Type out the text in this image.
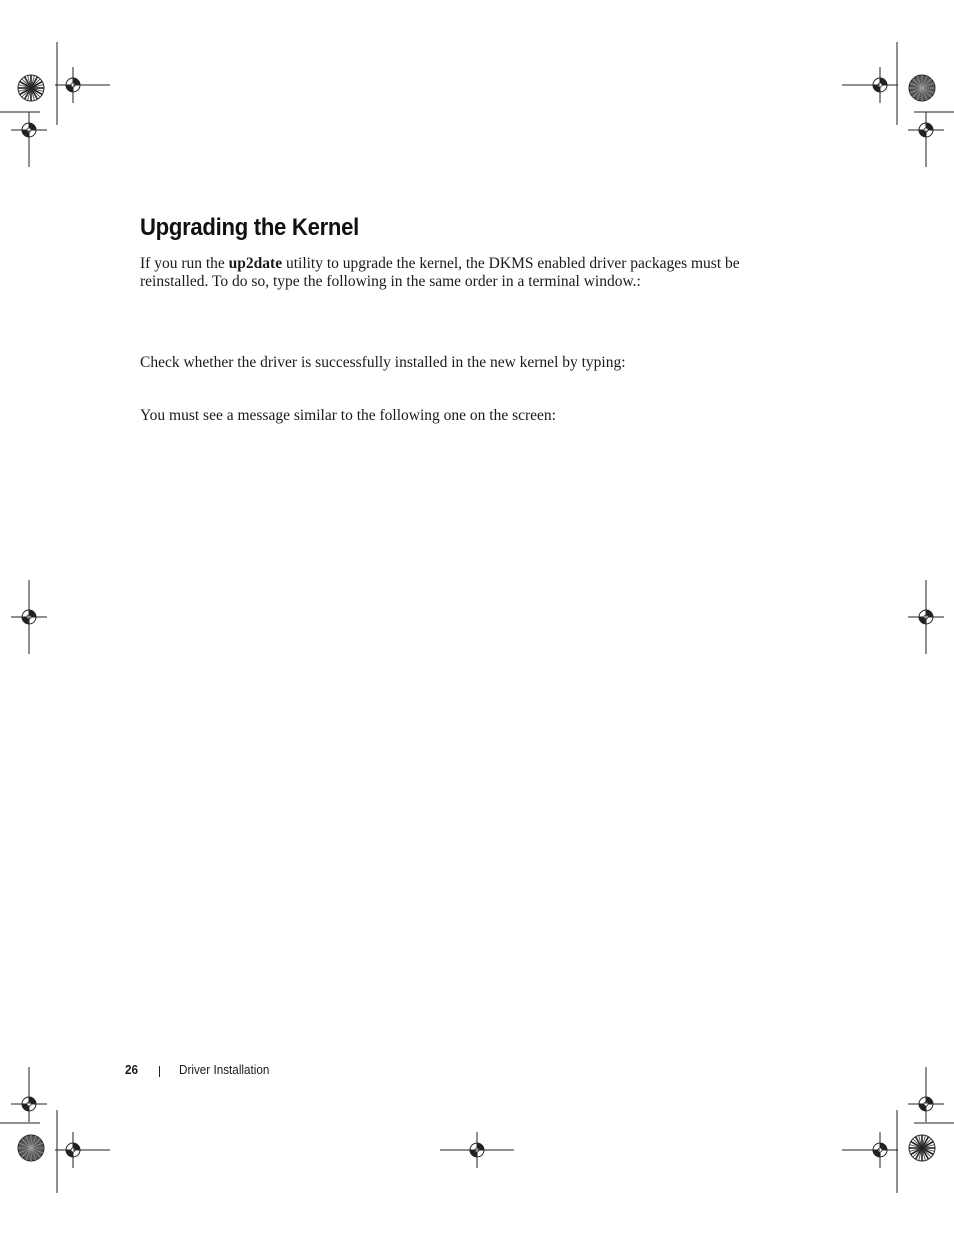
Upgrading the Kernel

If you run the up2date utility to upgrade the kernel, the DKMS enabled driver packages must be reinstalled. To do so, type the following in the same order in a terminal window.:

Check whether the driver is successfully installed in the new kernel by typing:

You must see a message similar to the following one on the screen:

26	Driver Installation
